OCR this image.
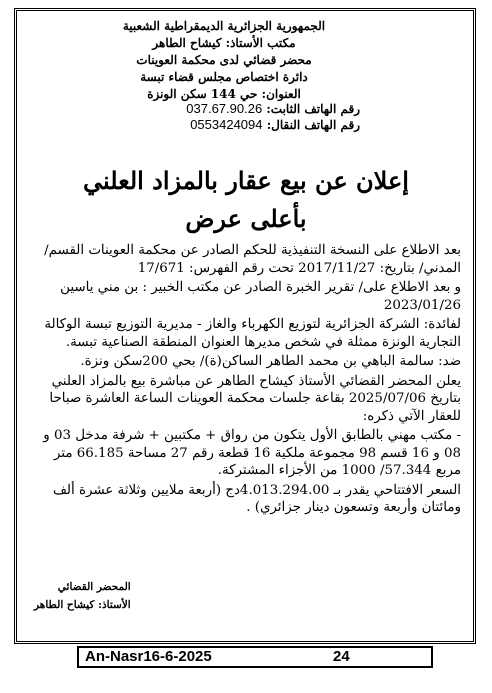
الجمهورية الجزائرية الديمقراطية الشعبية
مكتب الأستاذ: كيشاح الطاهر
محضر قضائي لدى محكمة العوينات
دائرة اختصاص مجلس قضاء تبسة
العنوان: حي 144 سكن الونزة
رقم الهاتف الثابت: 037.67.90.26
رقم الهاتف النقال: 0553424094
إعلان عن بيع عقار بالمزاد العلني
بأعلى عرض

بعد الاطلاع على النسخة التنفيذية للحكم الصادر عن محكمة العوينات القسم/ المدني/ بتاريخ: 2017/11/27 تحت رقم الفهرس: 17/671

و بعد الاطلاع على/ تقرير الخبرة الصادر عن مكتب الخبير : بن مني ياسين 2023/01/26

لفائدة: الشركة الجزائرية لتوزيع الكهرباء والغاز - مديرية التوزيع تبسة الوكالة التجارية الونزة ممثلة في شخص مديرها العنوان المنطقة الصناعية تبسة.

ضد: سالمة الباهي بن محمد الطاهر الساكن(ة)/ بحي 200سكن ونزة.

يعلن المحضر القضائي الأستاذ كيشاح الطاهر عن مباشرة بيع بالمزاد العلني بتاريخ 2025/07/06 بقاعة جلسات محكمة العوينات الساعة العاشرة صباحا للعقار الآتي ذكره:

- مكتب مهني بالطابق الأول يتكون من رواق + مكتبين + شرفة مدخل 03 و 08 و 16 قسم 98 مجموعة ملكية 16 قطعة رقم 27 مساحة 66.185 متر مربع 57.344/ 1000 من الأجزاء المشتركة.

السعر الافتتاحي يقدر بـ 4.013.294.00دج (أربعة ملايين وثلاثة عشرة ألف ومائتان وأربعة وتسعون دينار جزائري) .

المحضر القضائي
الأستاذ: كيشاح الطاهر
An-Nasr16-6-2025	24
